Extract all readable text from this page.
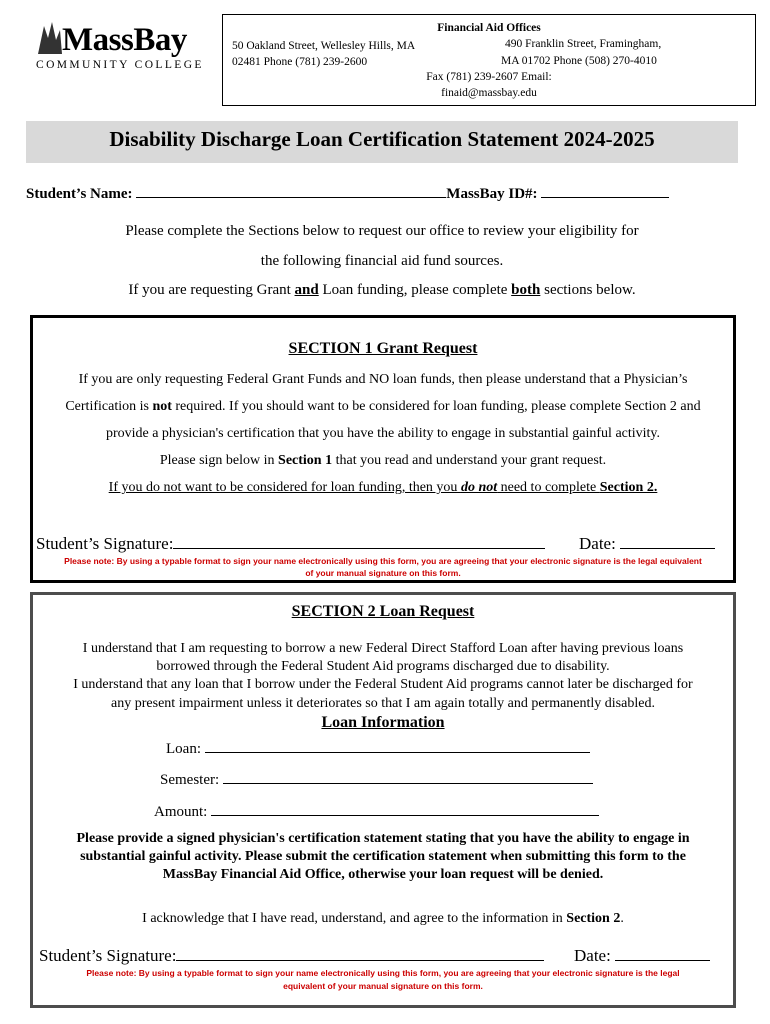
MassBay
COMMUNITY COLLEGE
Financial Aid Offices
50 Oakland Street, Wellesley Hills, MA
02481 Phone (781) 239-2600
490 Franklin Street, Framingham,
MA 01702 Phone (508) 270-4010
Fax (781) 239-2607 Email:
finaid@massbay.edu
Disability Discharge Loan Certification Statement 2024-2025
Student’s Name:	MassBay ID#:
Please complete the Sections below to request our office to review your eligibility for
the following financial aid fund sources.
If you are requesting Grant and Loan funding, please complete both sections below.
SECTION 1 Grant Request
If you are only requesting Federal Grant Funds and NO loan funds, then please understand that a Physician’s
Certification is not required. If you should want to be considered for loan funding, please complete Section 2 and
provide a physician's certification that you have the ability to engage in substantial gainful activity.
Please sign below in Section 1 that you read and understand your grant request.
If you do not want to be considered for loan funding, then you do not need to complete Section 2.
Student’s Signature:	Date:
Please note: By using a typable format to sign your name electronically using this form, you are agreeing that your electronic signature is the legal equivalent
of your manual signature on this form.
SECTION 2 Loan Request
I understand that I am requesting to borrow a new Federal Direct Stafford Loan after having previous loans
borrowed through the Federal Student Aid programs discharged due to disability.
I understand that any loan that I borrow under the Federal Student Aid programs cannot later be discharged for
any present impairment unless it deteriorates so that I am again totally and permanently disabled.
Loan Information
Loan:
Semester:
Amount:
Please provide a signed physician's certification statement stating that you have the ability to engage in
substantial gainful activity. Please submit the certification statement when submitting this form to the
MassBay Financial Aid Office, otherwise your loan request will be denied.
I acknowledge that I have read, understand, and agree to the information in Section 2.
Student’s Signature:	Date:
Please note: By using a typable format to sign your name electronically using this form, you are agreeing that your electronic signature is the legal
equivalent of your manual signature on this form.
